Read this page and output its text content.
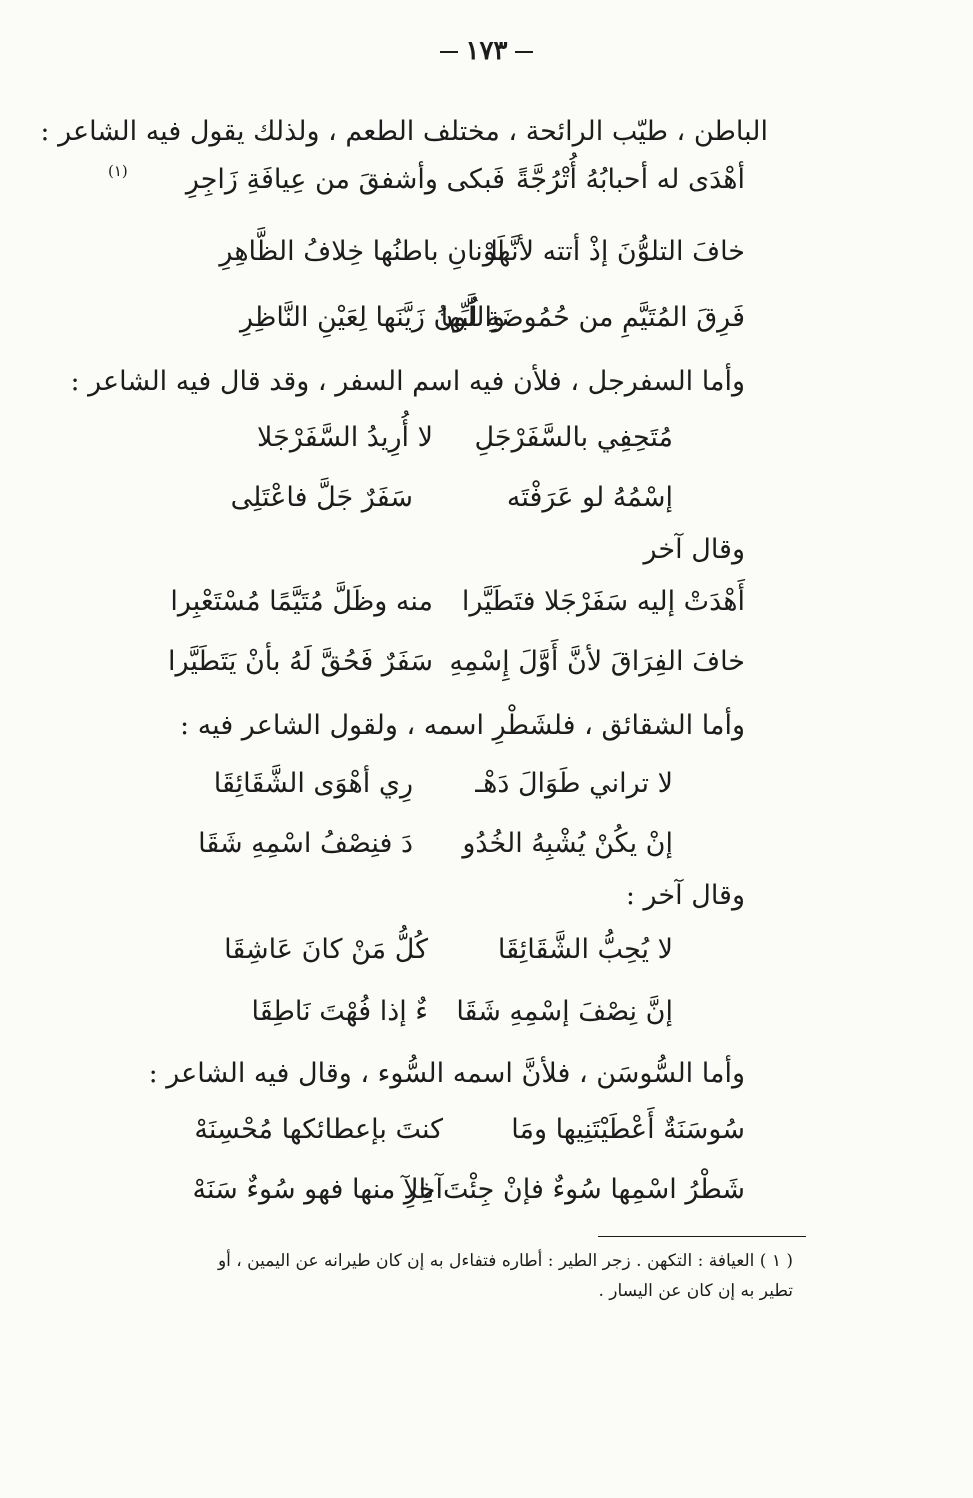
١٧٣
الباطن ، طيّب الرائحة ، مختلف الطعم ، ولذلك يقول فيه الشاعر :
أهْدَى له أحبابُهُ أُتْرُجَّةً
فَبكى وأشفقَ من عِيافَةِ زَاجِرِ
(١)
خافَ التلوُّنَ إذْ أتته لأنَّها
لَوْنانِ باطنُها خِلافُ الظَّاهِرِ
فَرِقَ المُتَيَّمِ من حُمُوضَةِ لُبِّها
واللَّونُ زَيَّنَها لِعَيْنِ النَّاظِرِ
وأما السفرجل ، فلأن فيه اسم السفر ، وقد قال فيه الشاعر :
مُتَحِفِي بالسَّفَرْجَلِ
لا أُرِيدُ السَّفَرْجَلا
إسْمُهُ لو عَرَفْتَه
سَفَرٌ جَلَّ فاعْتَلِى
وقال آخر
أَهْدَتْ إليه سَفَرْجَلا فتَطَيَّرا
منه وظَلَّ مُتَيَّمًا مُسْتَعْبِرا
خافَ الفِرَاقَ لأنَّ أَوَّلَ إِسْمِهِ
سَفَرٌ فَحُقَّ لَهُ بأنْ يَتَطَيَّرا
وأما الشقائق ، فلشَطْرِ اسمه ، ولقول الشاعر فيه :
لا تراني طَوَالَ دَهْـ
رِي أهْوَى الشَّقَائِقَا
إنْ يكُنْ يُشْبِهُ الخُدُو
دَ فنِصْفُ اسْمِهِ شَقَا
وقال آخر :
لا يُحِبُّ الشَّقَائِقَا
كُلُّ مَنْ كانَ عَاشِقَا
إنَّ نِصْفَ إسْمِهِ شَقَا
ءٌ إذا فُهْتَ نَاطِقَا
وأما السُّوسَن ، فلأنَّ اسمه السُّوء ، وقال فيه الشاعر :
سُوسَنَةٌ أَعْطَيْتَنِيها ومَا
كنتَ بإعطائكها مُحْسِنَهْ
شَطْرُ اسْمِها سُوءٌ فإنْ جِئْتَ بالآ
آخِرِ منها فهو سُوءٌ سَنَهْ
( ١ ) العيافة : التكهن . زجر الطير : أطاره فتفاءل به إن كان طيرانه عن اليمين ، أو
تطير به إن كان عن اليسار .
